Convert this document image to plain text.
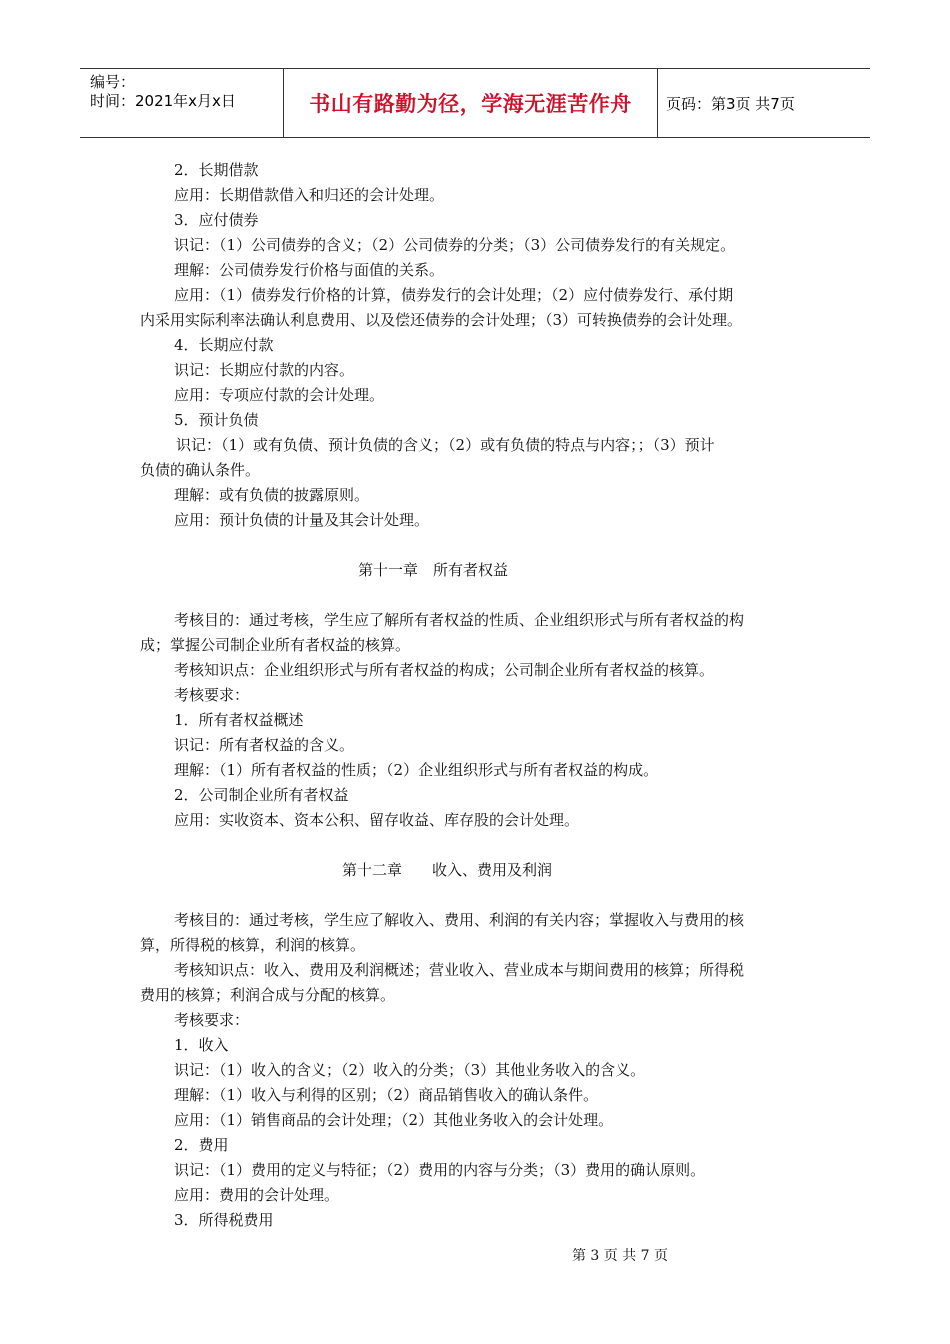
编号：
时间：2021年x月x日	书山有路勤为径，学海无涯苦作舟 页码：第3页 共7页
2．长期借款
应用：长期借款借入和归还的会计处理。
3．应付债券
识记：（1）公司债券的含义；（2）公司债券的分类；（3）公司债券发行的有关规定。
理解：公司债券发行价格与面值的关系。
应用：（1）债券发行价格的计算，债券发行的会计处理；（2）应付债券发行、承付期
内采用实际利率法确认利息费用、以及偿还债券的会计处理；（3）可转换债券的会计处理。
4．长期应付款
识记：长期应付款的内容。
应用：专项应付款的会计处理。
5．预计负债
识记：（1）或有负债、预计负债的含义；（2）或有负债的特点与内容；；（3）预计
负债的确认条件。
理解：或有负债的披露原则。
应用：预计负债的计量及其会计处理。
第十一章　所有者权益
考核目的：通过考核，学生应了解所有者权益的性质、企业组织形式与所有者权益的构
成；掌握公司制企业所有者权益的核算。
考核知识点：企业组织形式与所有者权益的构成；公司制企业所有者权益的核算。
考核要求：
1．所有者权益概述
识记：所有者权益的含义。
理解：（1）所有者权益的性质；（2）企业组织形式与所有者权益的构成。
2．公司制企业所有者权益
应用：实收资本、资本公积、留存收益、库存股的会计处理。
第十二章　　收入、费用及利润
考核目的：通过考核，学生应了解收入、费用、利润的有关内容；掌握收入与费用的核
算，所得税的核算，利润的核算。
考核知识点：收入、费用及利润概述；营业收入、营业成本与期间费用的核算；所得税
费用的核算；利润合成与分配的核算。
考核要求：
1．收入
识记：（1）收入的含义；（2）收入的分类；（3）其他业务收入的含义。
理解：（1）收入与利得的区别；（2）商品销售收入的确认条件。
应用：（1）销售商品的会计处理；（2）其他业务收入的会计处理。
2．费用
识记：（1）费用的定义与特征；（2）费用的内容与分类；（3）费用的确认原则。
应用：费用的会计处理。
3．所得税费用
第 3 页 共 7 页
